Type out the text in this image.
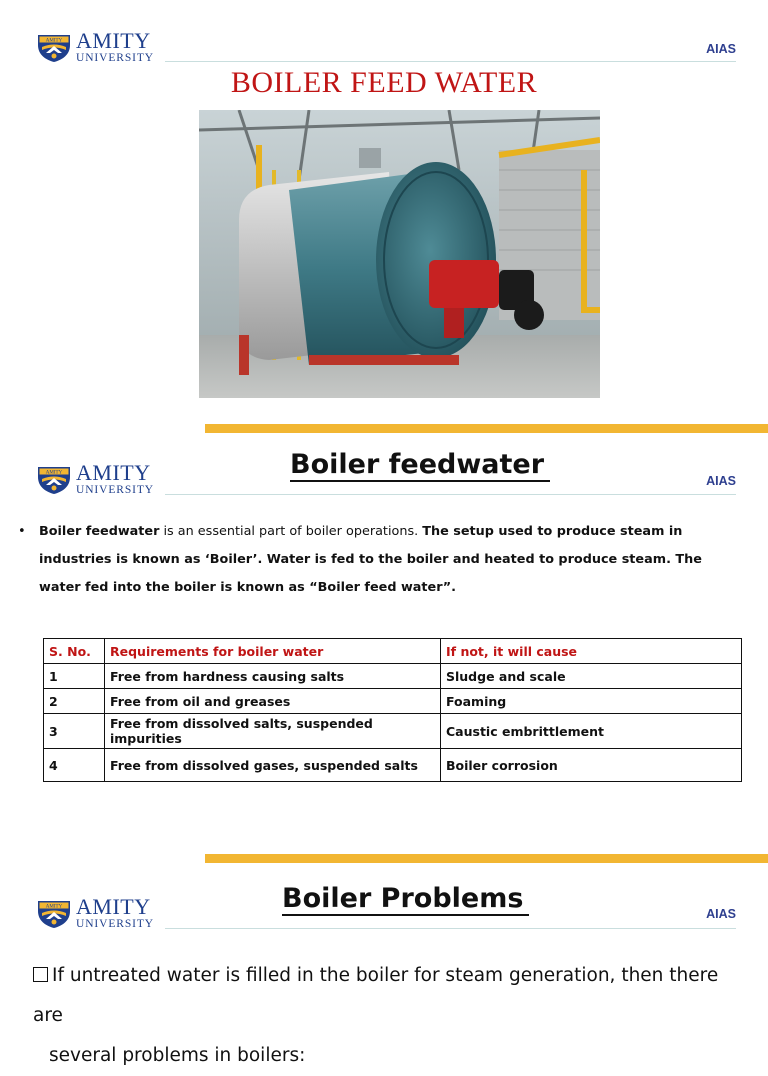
AMITY AMITY
UNIVERSITY
AIAS
BOILER FEED WATER
AMITY AMITY
UNIVERSITY
AIAS
Boiler feedwater
• Boiler feedwater is an essential part of boiler operations. The setup used to produce steam in industries is known as ‘Boiler’. Water is fed to the boiler and heated to produce steam. The water fed into the boiler is known as “Boiler feed water”.
S. No.	Requirements for boiler water	If not, it will cause
1	Free from hardness causing salts	Sludge and scale
2	Free from oil and greases	Foaming
3	Free from dissolved salts, suspended impurities	Caustic embrittlement
4	Free from dissolved gases, suspended salts	Boiler corrosion
AMITY AMITY
UNIVERSITY
AIAS
Boiler Problems
If untreated water is filled in the boiler for steam generation, then there are
several problems in boilers:
